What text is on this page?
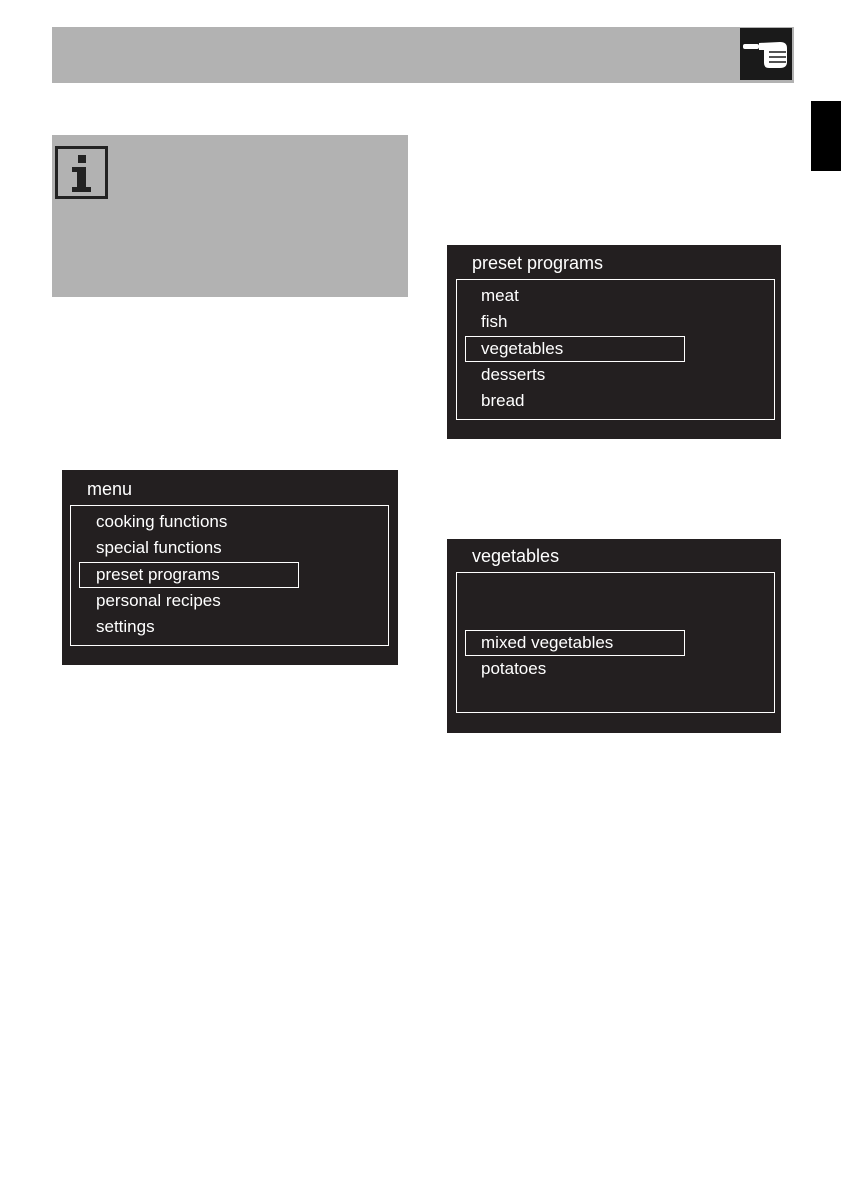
menu
cooking functions
special functions
preset programs
personal recipes
settings
preset programs
meat
fish
vegetables
desserts
bread
vegetables
mixed vegetables
potatoes
